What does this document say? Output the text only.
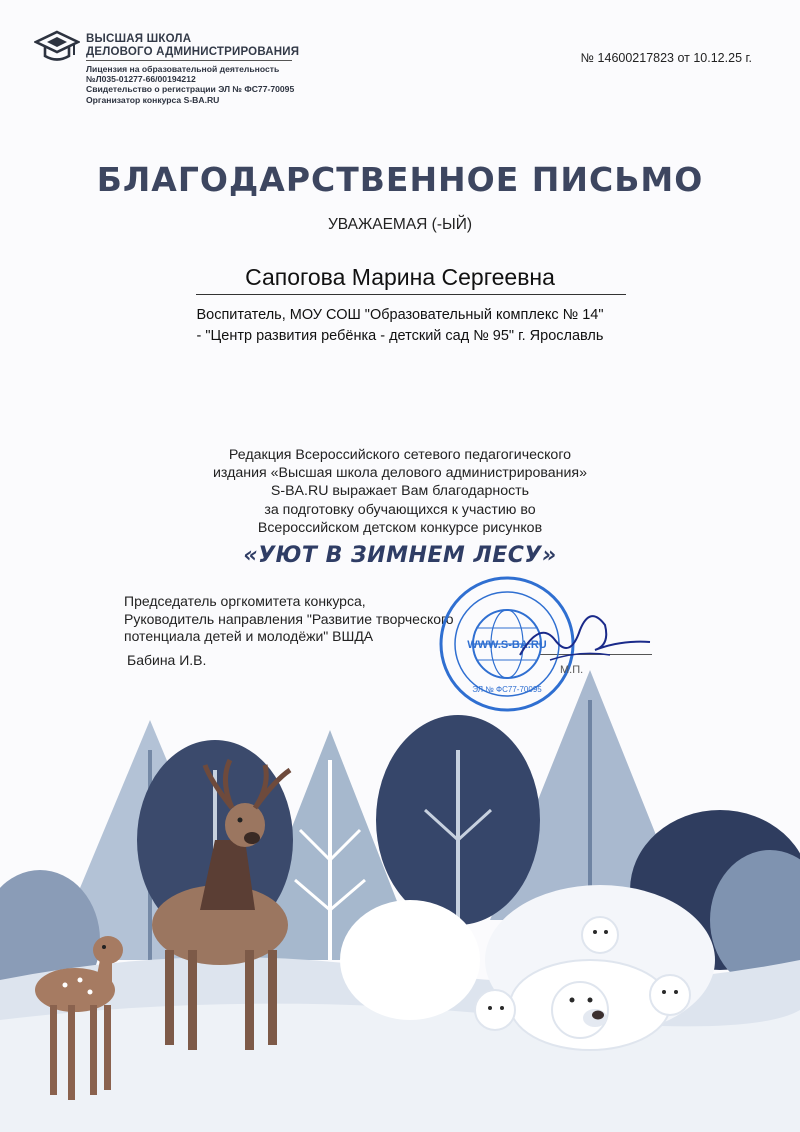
ВЫСШАЯ ШКОЛА
ДЕЛОВОГО АДМИНИСТРИРОВАНИЯ
Лицензия на образовательной деятельность
№Л035-01277-66/00194212
Свидетельство о регистрации ЭЛ № ФС77-70095
Организатор конкурса S-BA.RU
№ 14600217823 от 10.12.25 г.
БЛАГОДАРСТВЕННОЕ ПИСЬМО
УВАЖАЕМАЯ (-ЫЙ)
Сапогова Марина Сергеевна
Воспитатель, МОУ СОШ "Образовательный комплекс № 14"
- "Центр развития ребёнка - детский сад № 95" г. Ярославль
Редакция Всероссийского сетевого педагогического
издания «Высшая школа делового администрирования»
S-BA.RU выражает Вам благодарность
за подготовку обучающихся к участию во
Всероссийском детском конкурсе рисунков
«УЮТ В ЗИМНЕМ ЛЕСУ»
Председатель оргкомитета конкурса,
Руководитель направления "Развитие творческого
потенциала детей и молодёжи" ВШДА
Бабина И.В.
WWW.S-BA.RU
ЭЛ № ФС77-70095
М.П.
